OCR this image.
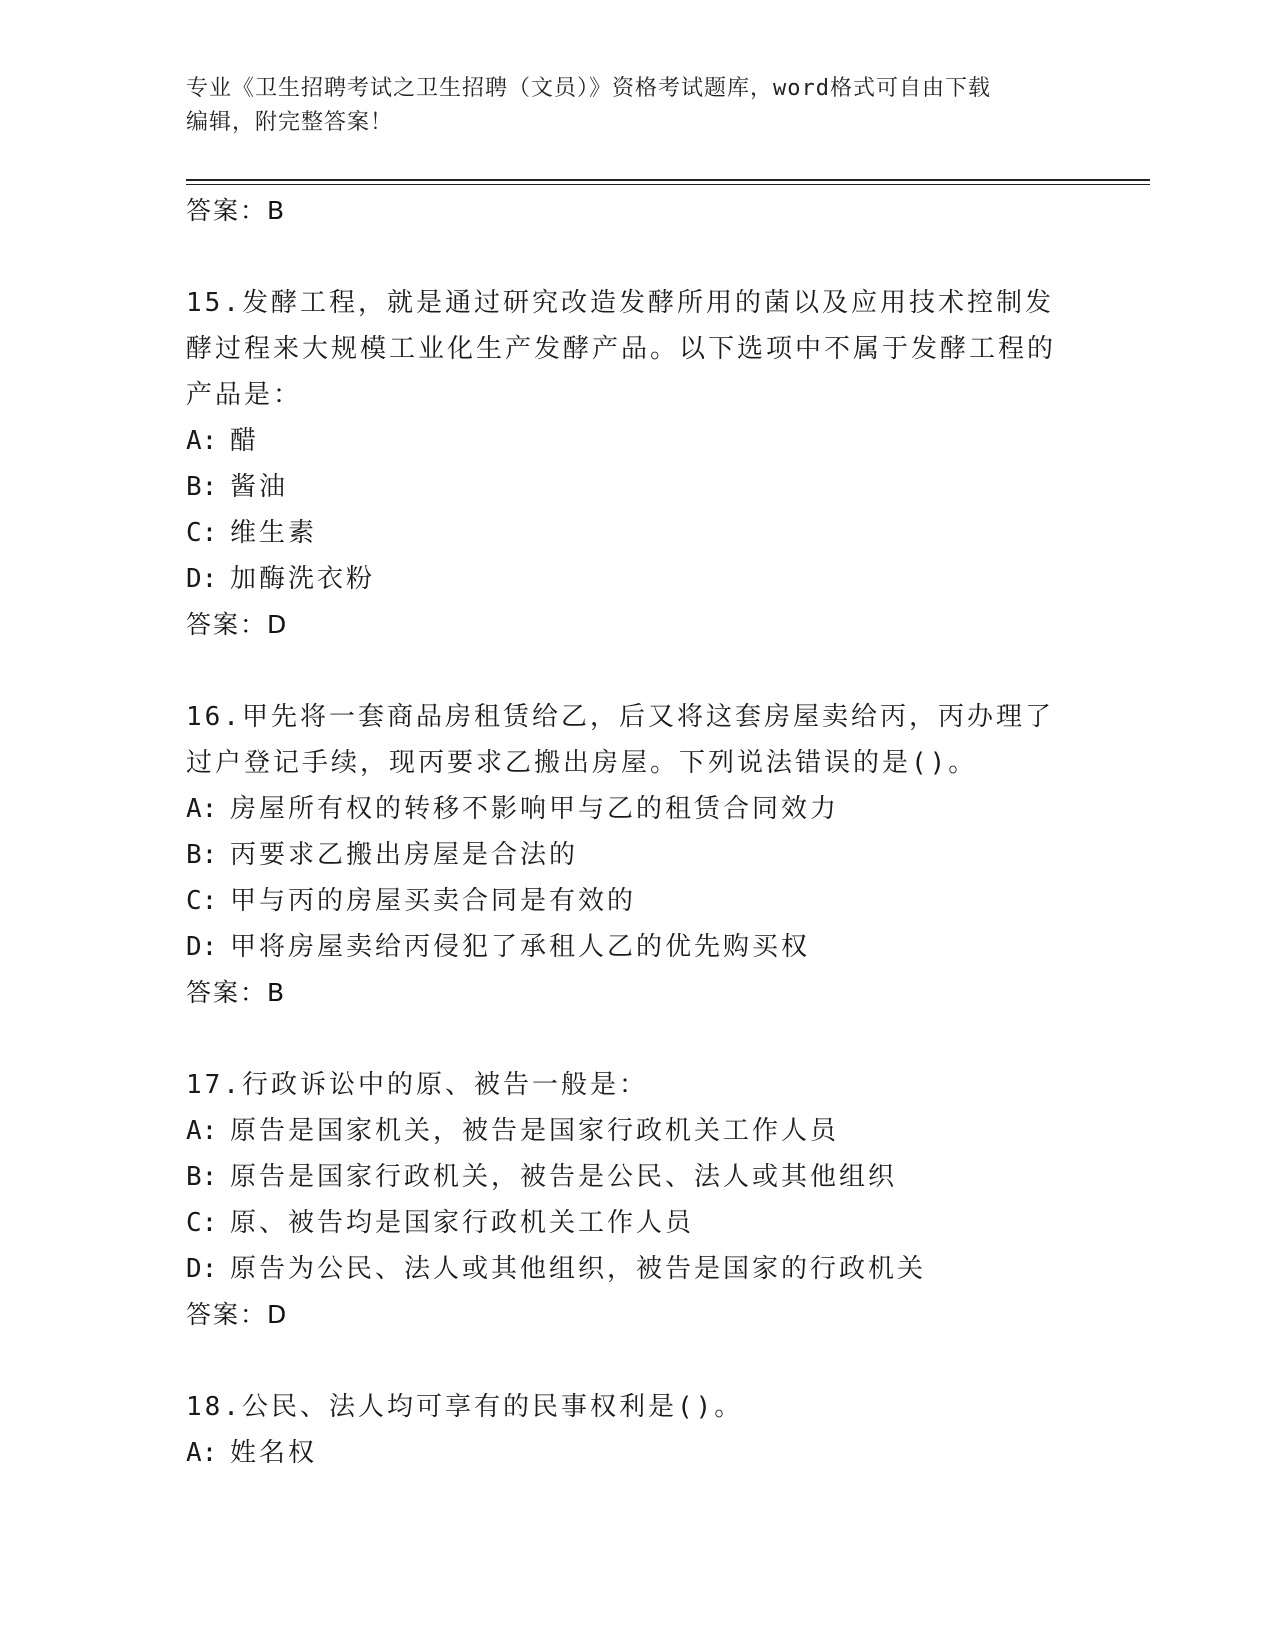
专业《卫生招聘考试之卫生招聘（文员）》资格考试题库，word格式可自由下载
编辑，附完整答案！
答案：B
15.发酵工程，就是通过研究改造发酵所用的菌以及应用技术控制发酵过程来大规模工业化生产发酵产品。以下选项中不属于发酵工程的产品是：
A: 醋
B: 酱油
C: 维生素
D: 加酶洗衣粉
答案：D
16.甲先将一套商品房租赁给乙，后又将这套房屋卖给丙，丙办理了过户登记手续，现丙要求乙搬出房屋。下列说法错误的是()。
A: 房屋所有权的转移不影响甲与乙的租赁合同效力
B: 丙要求乙搬出房屋是合法的
C: 甲与丙的房屋买卖合同是有效的
D: 甲将房屋卖给丙侵犯了承租人乙的优先购买权
答案：B
17.行政诉讼中的原、被告一般是：
A: 原告是国家机关，被告是国家行政机关工作人员
B: 原告是国家行政机关，被告是公民、法人或其他组织
C: 原、被告均是国家行政机关工作人员
D: 原告为公民、法人或其他组织，被告是国家的行政机关
答案：D
18.公民、法人均可享有的民事权利是()。
A: 姓名权
